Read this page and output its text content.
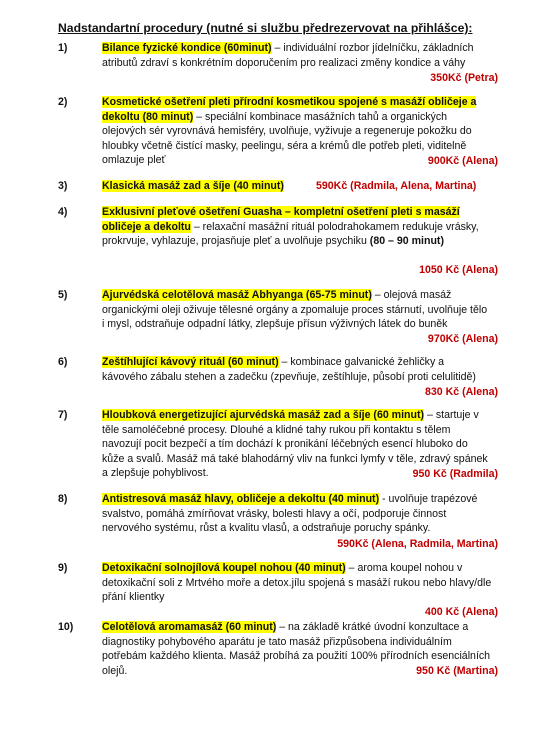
Nadstandartní procedury (nutné si službu předrezervovat na přihlášce):
1)	Bilance fyzické kondice (60minut) – individuální rozbor jídelníčku, základních atributů zdraví s konkrétním doporučením pro realizaci změny kondice a váhy
350Kč (Petra)
2)	Kosmetické ošetření pleti přírodní kosmetikou spojené s masáží obličeje a dekoltu (80 minut) – speciální kombinace masážních tahů a organických olejových sér vyrovnává hemisféry, uvolňuje, vyživuje a regeneruje pokožku do hloubky včetně čistící masky, peelingu, séra a krémů dle potřeb pleti, viditelně omlazuje pleť	900Kč (Alena)
3)	Klasická masáž zad a šíje (40 minut)	590Kč (Radmila, Alena, Martina)
4)	Exklusivní pleťové ošetření Guasha – kompletní ošetření pleti s masáží obličeje a dekoltu – relaxační masážní rituál polodrahokamem redukuje vrásky, prokrvuje, vyhlazuje, projasňuje pleť a uvolňuje psychiku (80 – 90 minut)
1050 Kč (Alena)
5)	Ajurvédská celotělová masáž Abhyanga (65-75 minut) – olejová masáž organickými oleji oživuje tělesné orgány a zpomaluje proces stárnutí, uvolňuje tělo i mysl, odstraňuje odpadní látky, zlepšuje přísun výživných látek do buněk
970Kč (Alena)
6)	Zeštíhlující kávový rituál (60 minut) – kombinace galvanické žehličky a kávového zábalu stehen a zadečku (zpevňuje, zeštíhluje, působí proti celulitidě)
830 Kč (Alena)
7)	Hloubková energetizující ajurvédská masáž zad a šíje (60 minut) – startuje v těle samoléčebné procesy. Dlouhé a klidné tahy rukou při kontaktu s tělem navozují pocit bezpečí a tím dochází k pronikání léčebných esencí hluboko do kůže a svalů. Masáž má také blahodárný vliv na funkci lymfy v těle, zdravý spánek a zlepšuje pohyblivost.	950 Kč (Radmila)
8)	Antistresová masáž hlavy, obličeje a dekoltu (40 minut) - uvolňuje trapézové svalstvo, pomáhá zmírňovat vrásky, bolesti hlavy a očí, podporuje činnost nervového systému, růst a kvalitu vlasů, a odstraňuje poruchy spánky.
590Kč (Alena, Radmila, Martina)
9)	Detoxikační solnojílová koupel nohou (40 minut) – aroma koupel nohou v detoxikační soli z Mrtvého moře a detox.jílu spojená s masáží rukou nebo hlavy/dle přání klientky
400 Kč (Alena)
10)	Celotělová aromamasáž (60 minut) – na základě krátké úvodní konzultace a diagnostiky pohybového aparátu je tato masáž přizpůsobena individuálním potřebám každého klienta. Masáž probíhá za použití 100% přírodních esenciálních olejů.	950 Kč (Martina)
